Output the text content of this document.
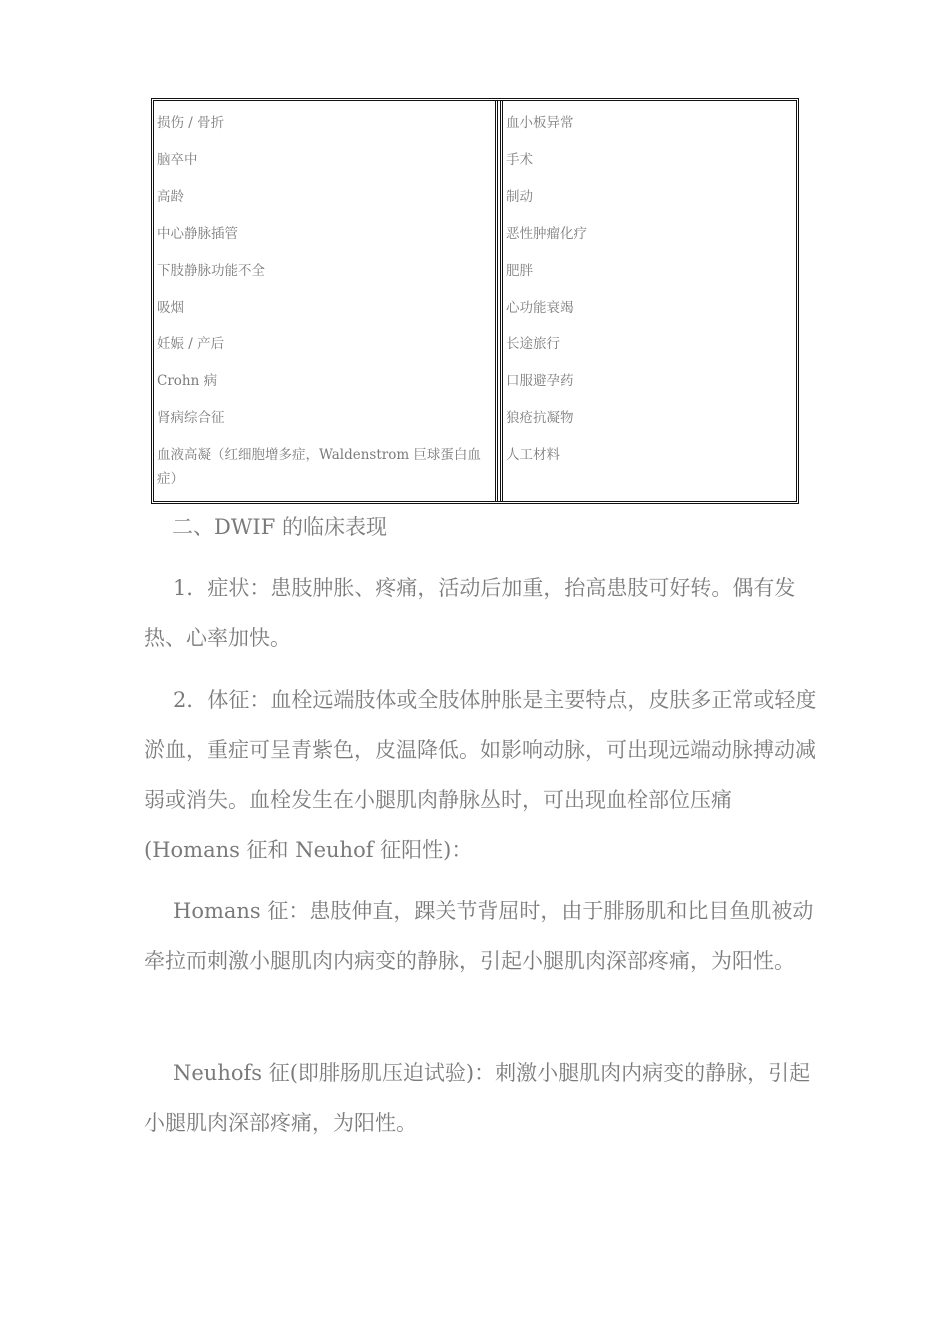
损伤 / 骨折
脑卒中
高龄
中心静脉插管
下肢静脉功能不全
吸烟
妊娠 / 产后
Crohn 病
肾病综合征
血液高凝（红细胞增多症，Waldenstrom 巨球蛋白血症）
血小板异常
手术
制动
恶性肿瘤化疗
肥胖
心功能衰竭
长途旅行
口服避孕药
狼疮抗凝物
人工材料
二、DWIF 的临床表现

1．症状：患肢肿胀、疼痛，活动后加重，抬高患肢可好转。偶有发热、心率加快。

2．体征：血栓远端肢体或全肢体肿胀是主要特点，皮肤多正常或轻度淤血，重症可呈青紫色，皮温降低。如影响动脉，可出现远端动脉搏动减弱或消失。血栓发生在小腿肌肉静脉丛时，可出现血栓部位压痛(Homans 征和 Neuhof 征阳性)：

Homans 征：患肢伸直，踝关节背屈时，由于腓肠肌和比目鱼肌被动牵拉而刺激小腿肌肉内病变的静脉，引起小腿肌肉深部疼痛，为阳性。

Neuhofs 征(即腓肠肌压迫试验)：刺激小腿肌肉内病变的静脉，引起小腿肌肉深部疼痛，为阳性。
